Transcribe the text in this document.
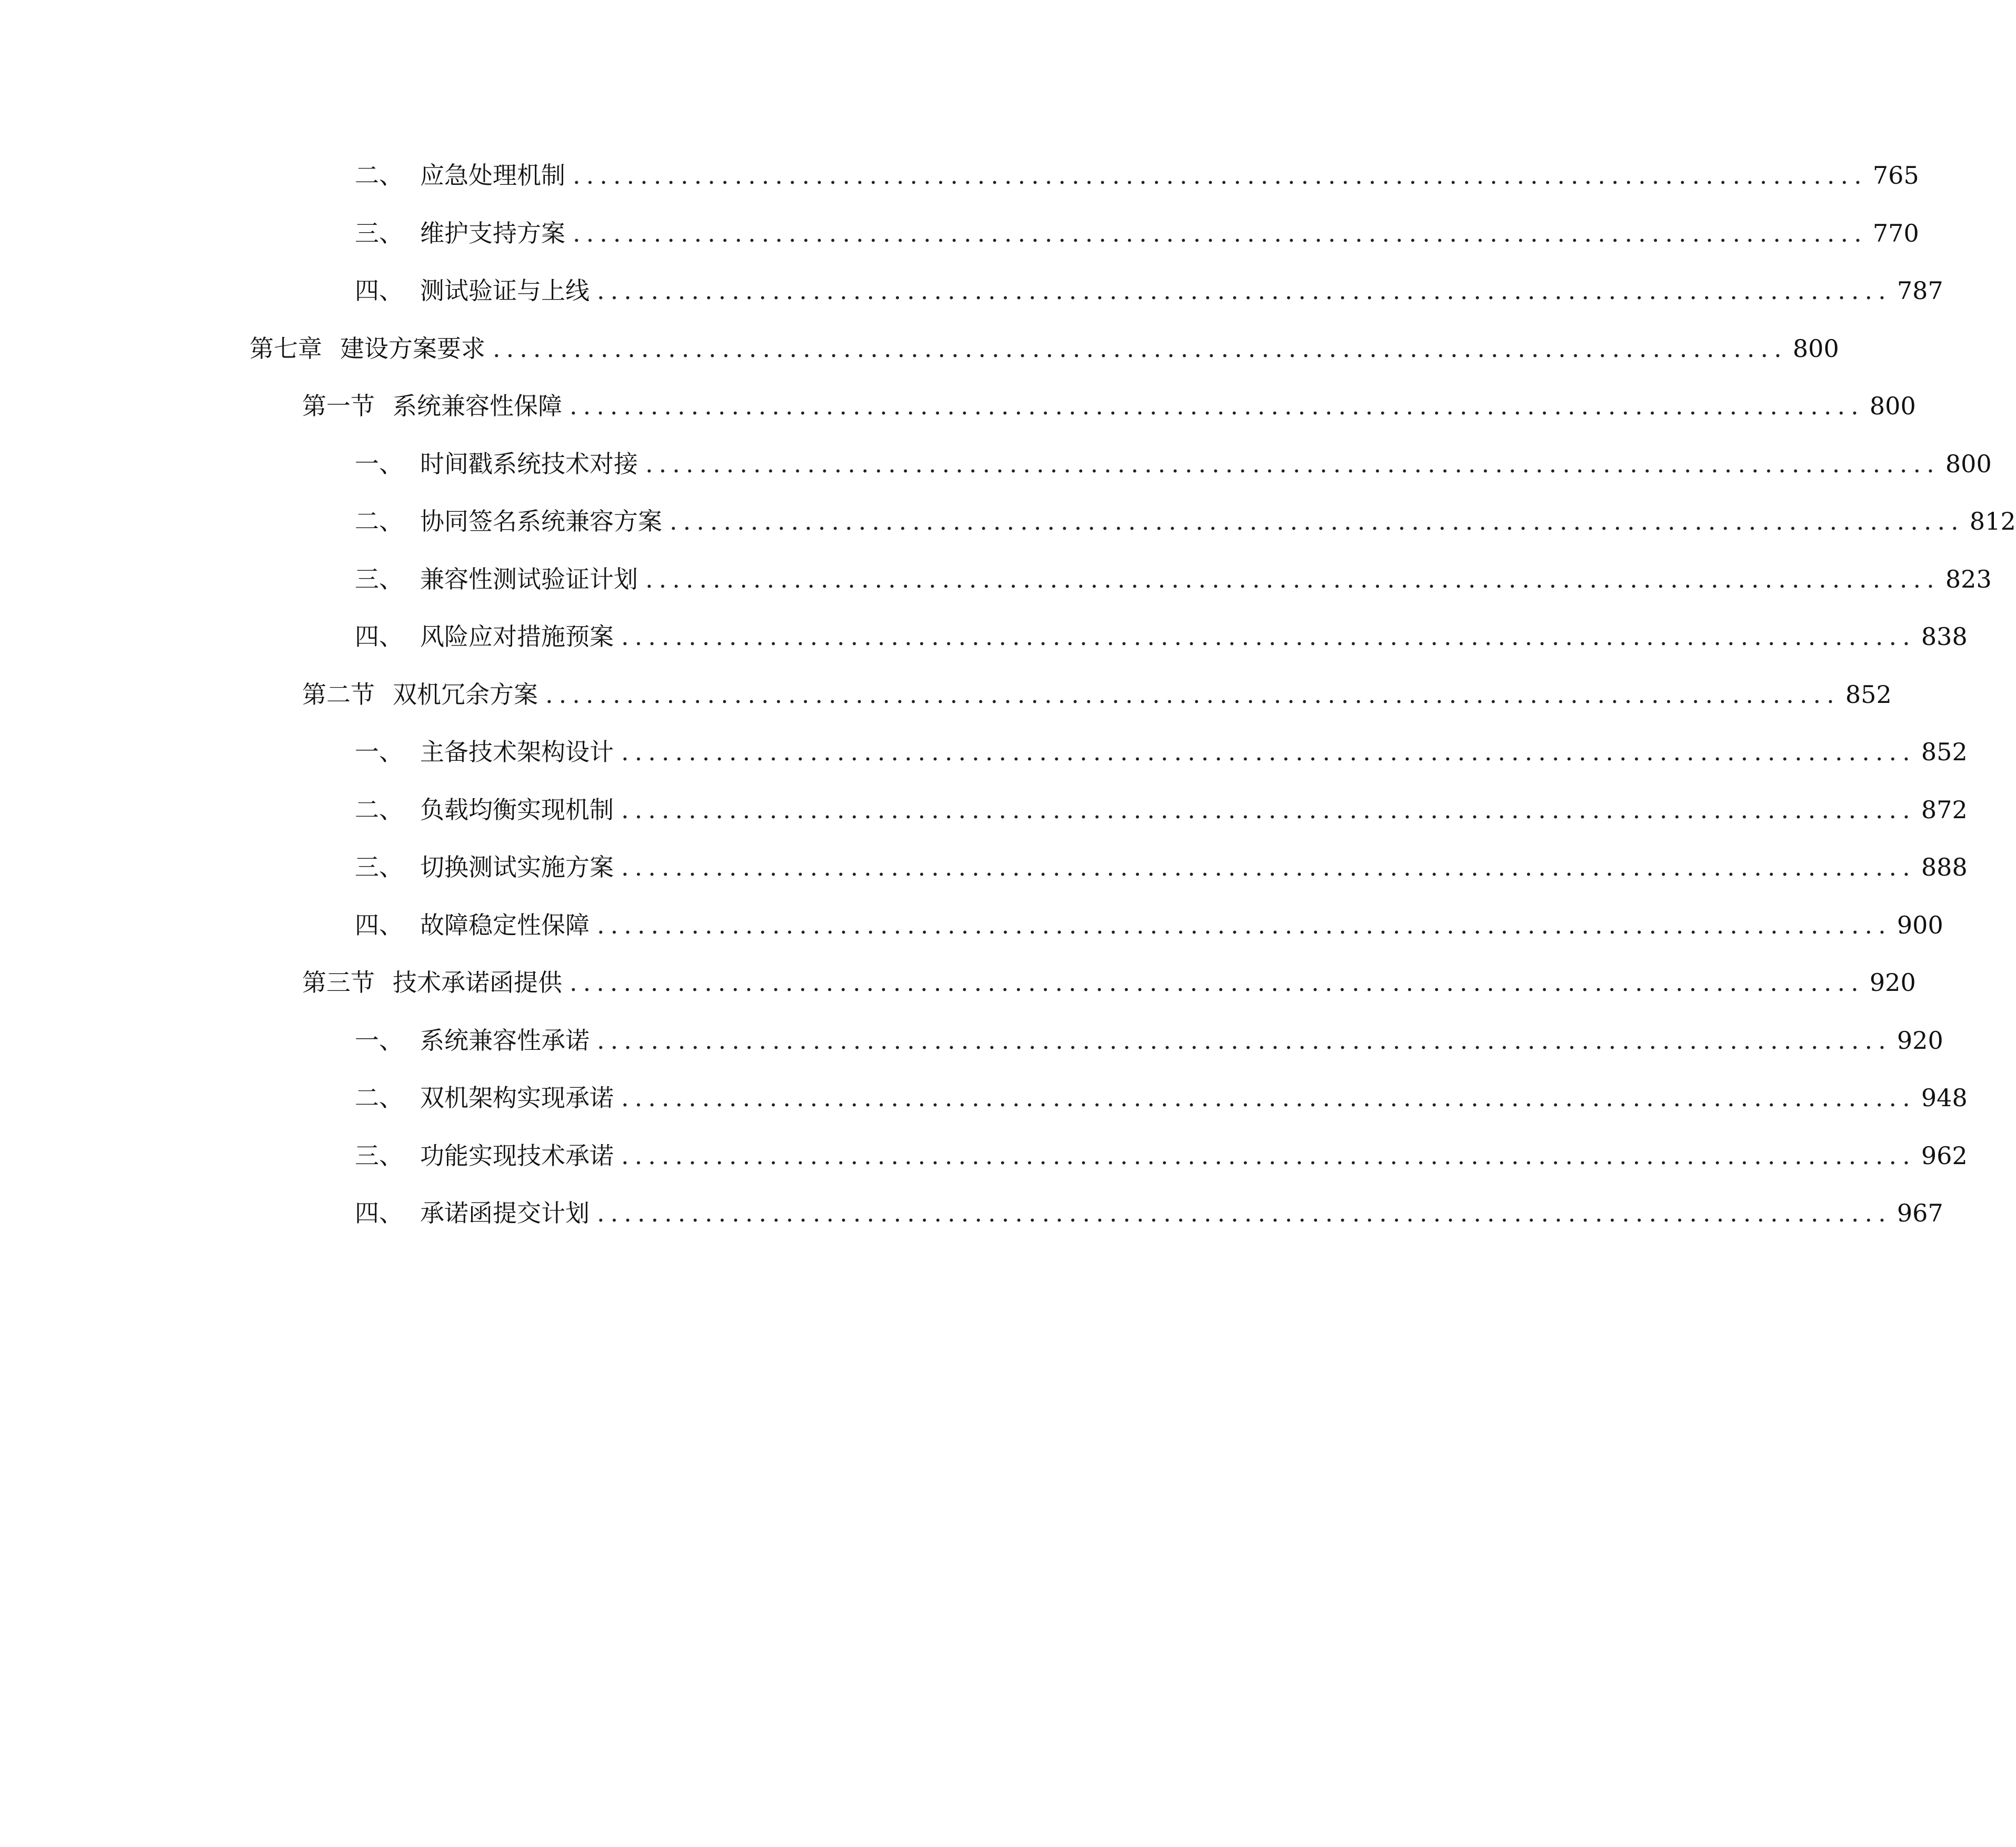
二、 应急处理机制 ................................................................................................ 765
三、 维护支持方案 ................................................................................................ 770
四、 测试验证与上线 ................................................................................................ 787
第七章 建设方案要求 ................................................................................................ 800
第一节 系统兼容性保障 ................................................................................................ 800
一、 时间戳系统技术对接 ................................................................................................ 800
二、 协同签名系统兼容方案 ................................................................................................ 812
三、 兼容性测试验证计划 ................................................................................................ 823
四、 风险应对措施预案 ................................................................................................ 838
第二节 双机冗余方案 ................................................................................................ 852
一、 主备技术架构设计 ................................................................................................ 852
二、 负载均衡实现机制 ................................................................................................ 872
三、 切换测试实施方案 ................................................................................................ 888
四、 故障稳定性保障 ................................................................................................ 900
第三节 技术承诺函提供 ................................................................................................ 920
一、 系统兼容性承诺 ................................................................................................ 920
二、 双机架构实现承诺 ................................................................................................ 948
三、 功能实现技术承诺 ................................................................................................ 962
四、 承诺函提交计划 ................................................................................................ 967
